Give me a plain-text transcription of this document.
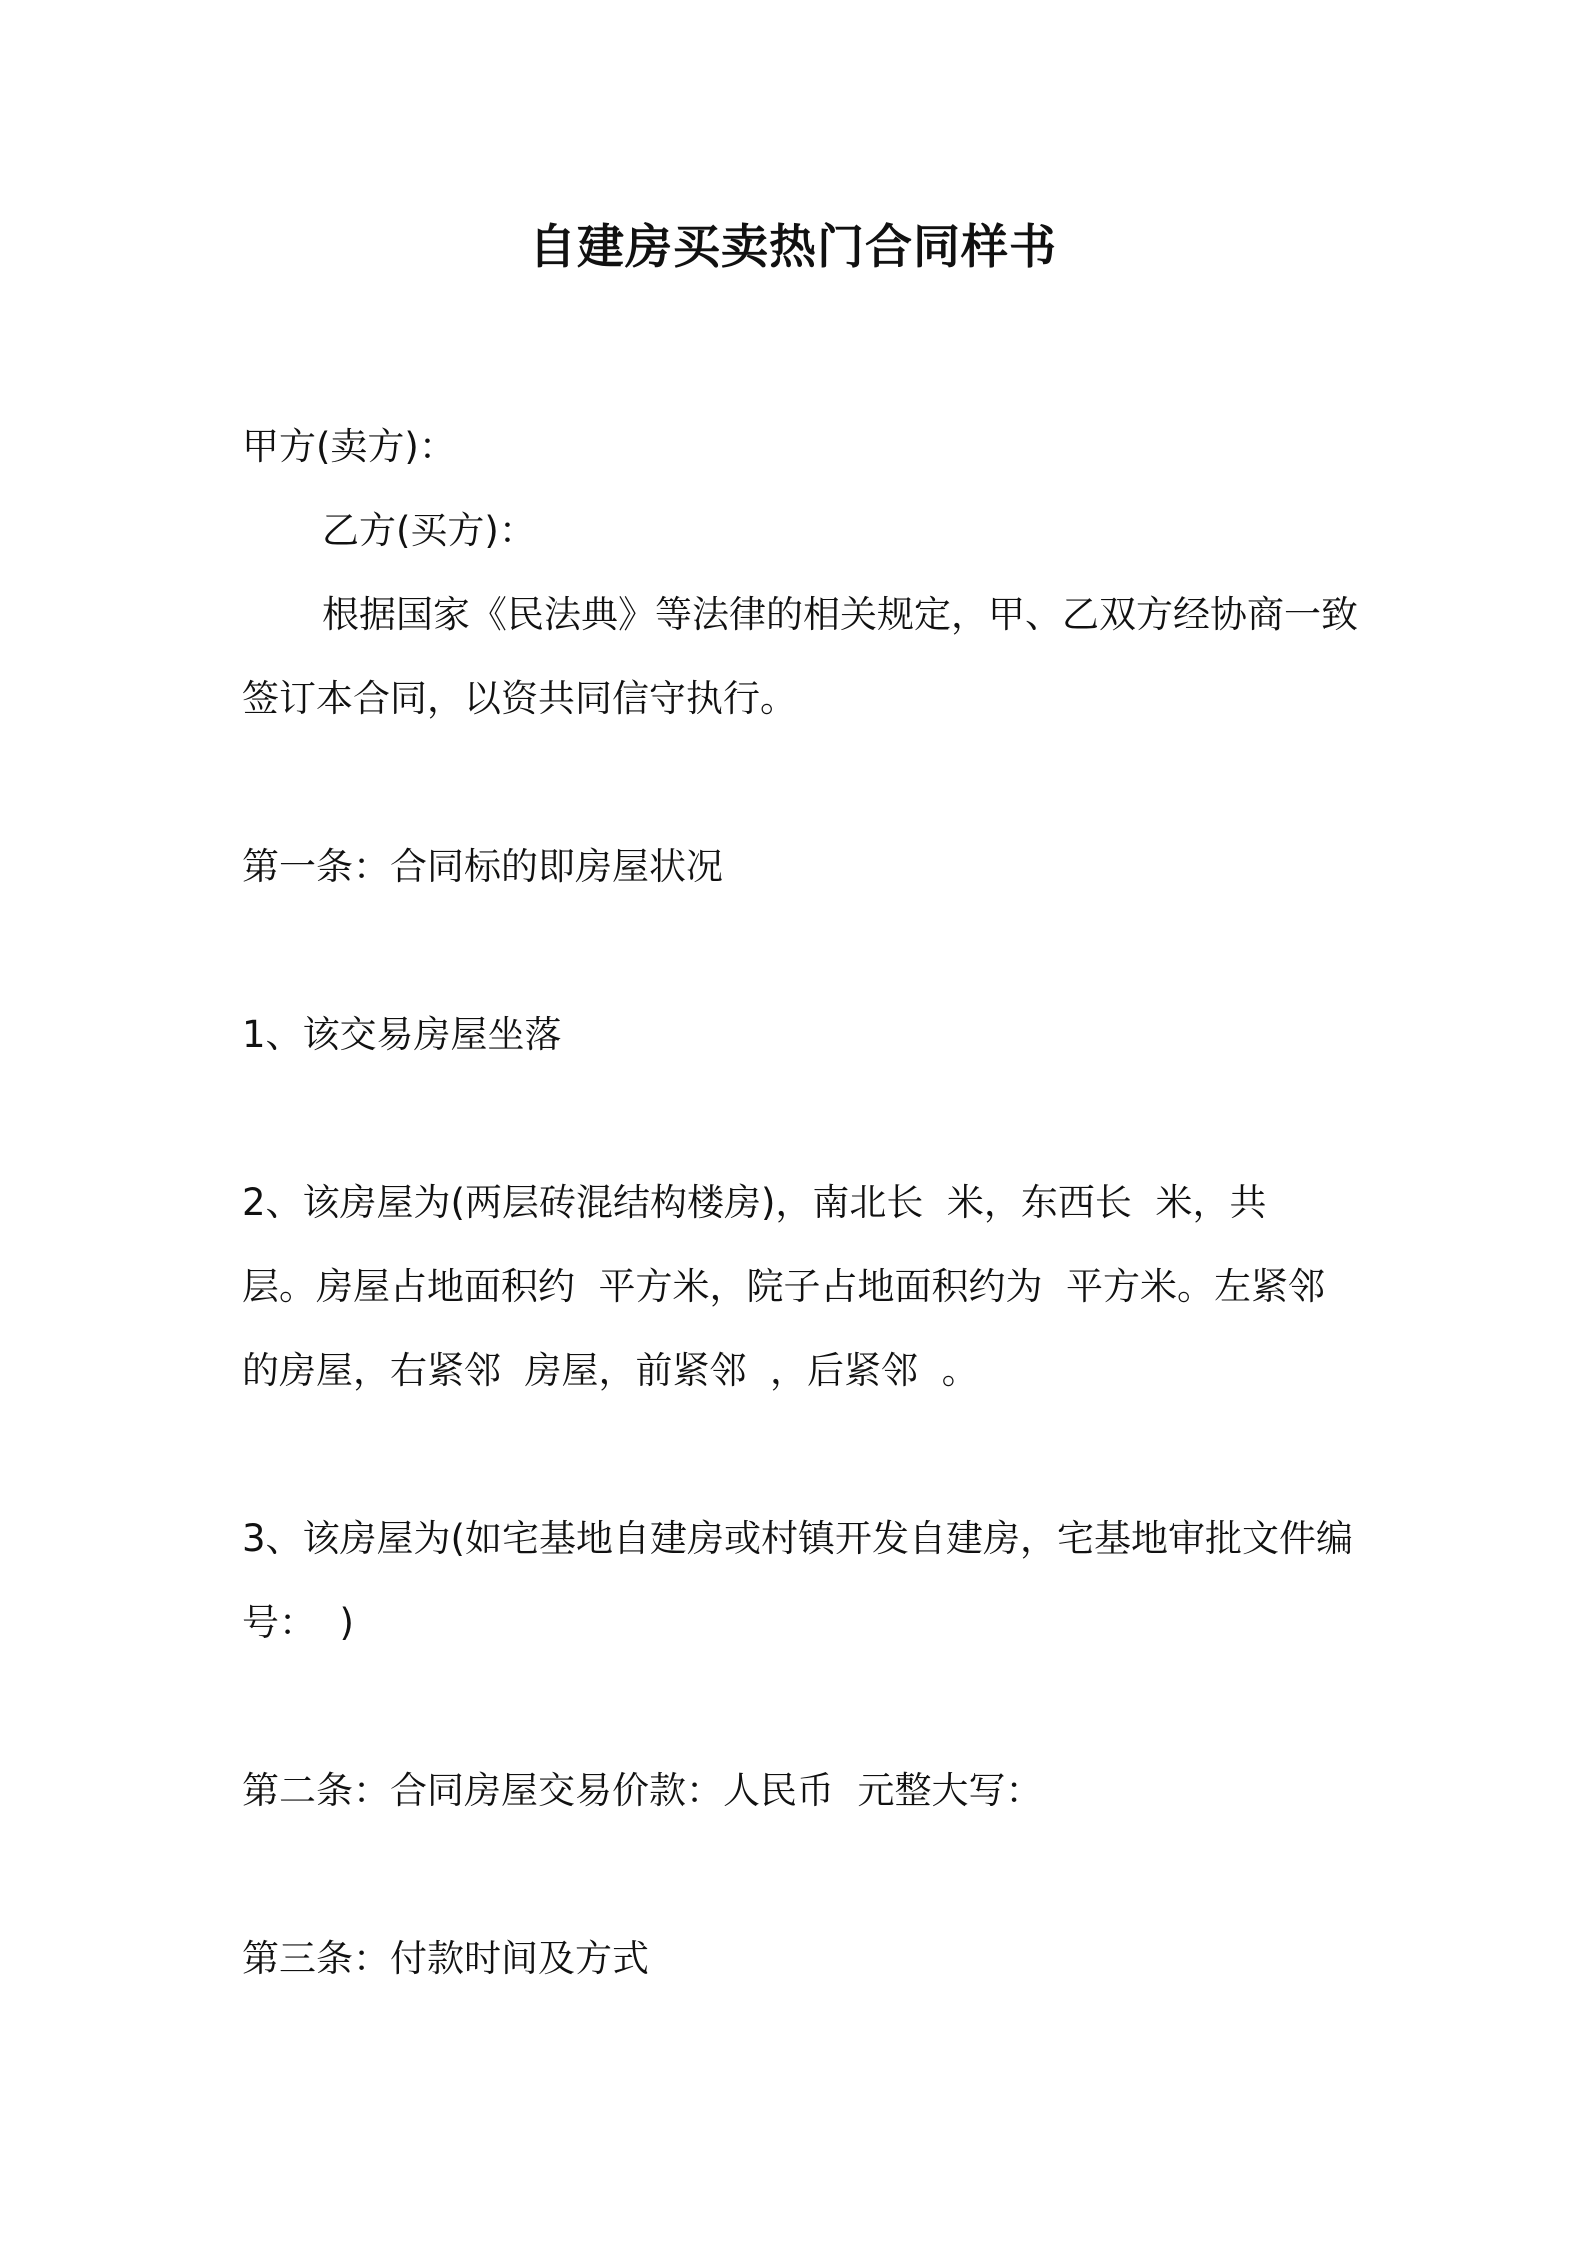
自建房买卖热门合同样书

甲方(卖方)：

乙方(买方)：

根据国家《民法典》等法律的相关规定，甲、乙双方经协商一致签订本合同，以资共同信守执行。

第一条：合同标的即房屋状况

1、该交易房屋坐落

2、该房屋为(两层砖混结构楼房)，南北长  米，东西长  米，共  层。房屋占地面积约  平方米，院子占地面积约为  平方米。左紧邻  的房屋，右紧邻  房屋，前紧邻  ，后紧邻  。

3、该房屋为(如宅基地自建房或村镇开发自建房，宅基地审批文件编号：  )

第二条：合同房屋交易价款：人民币  元整大写：

第三条：付款时间及方式
